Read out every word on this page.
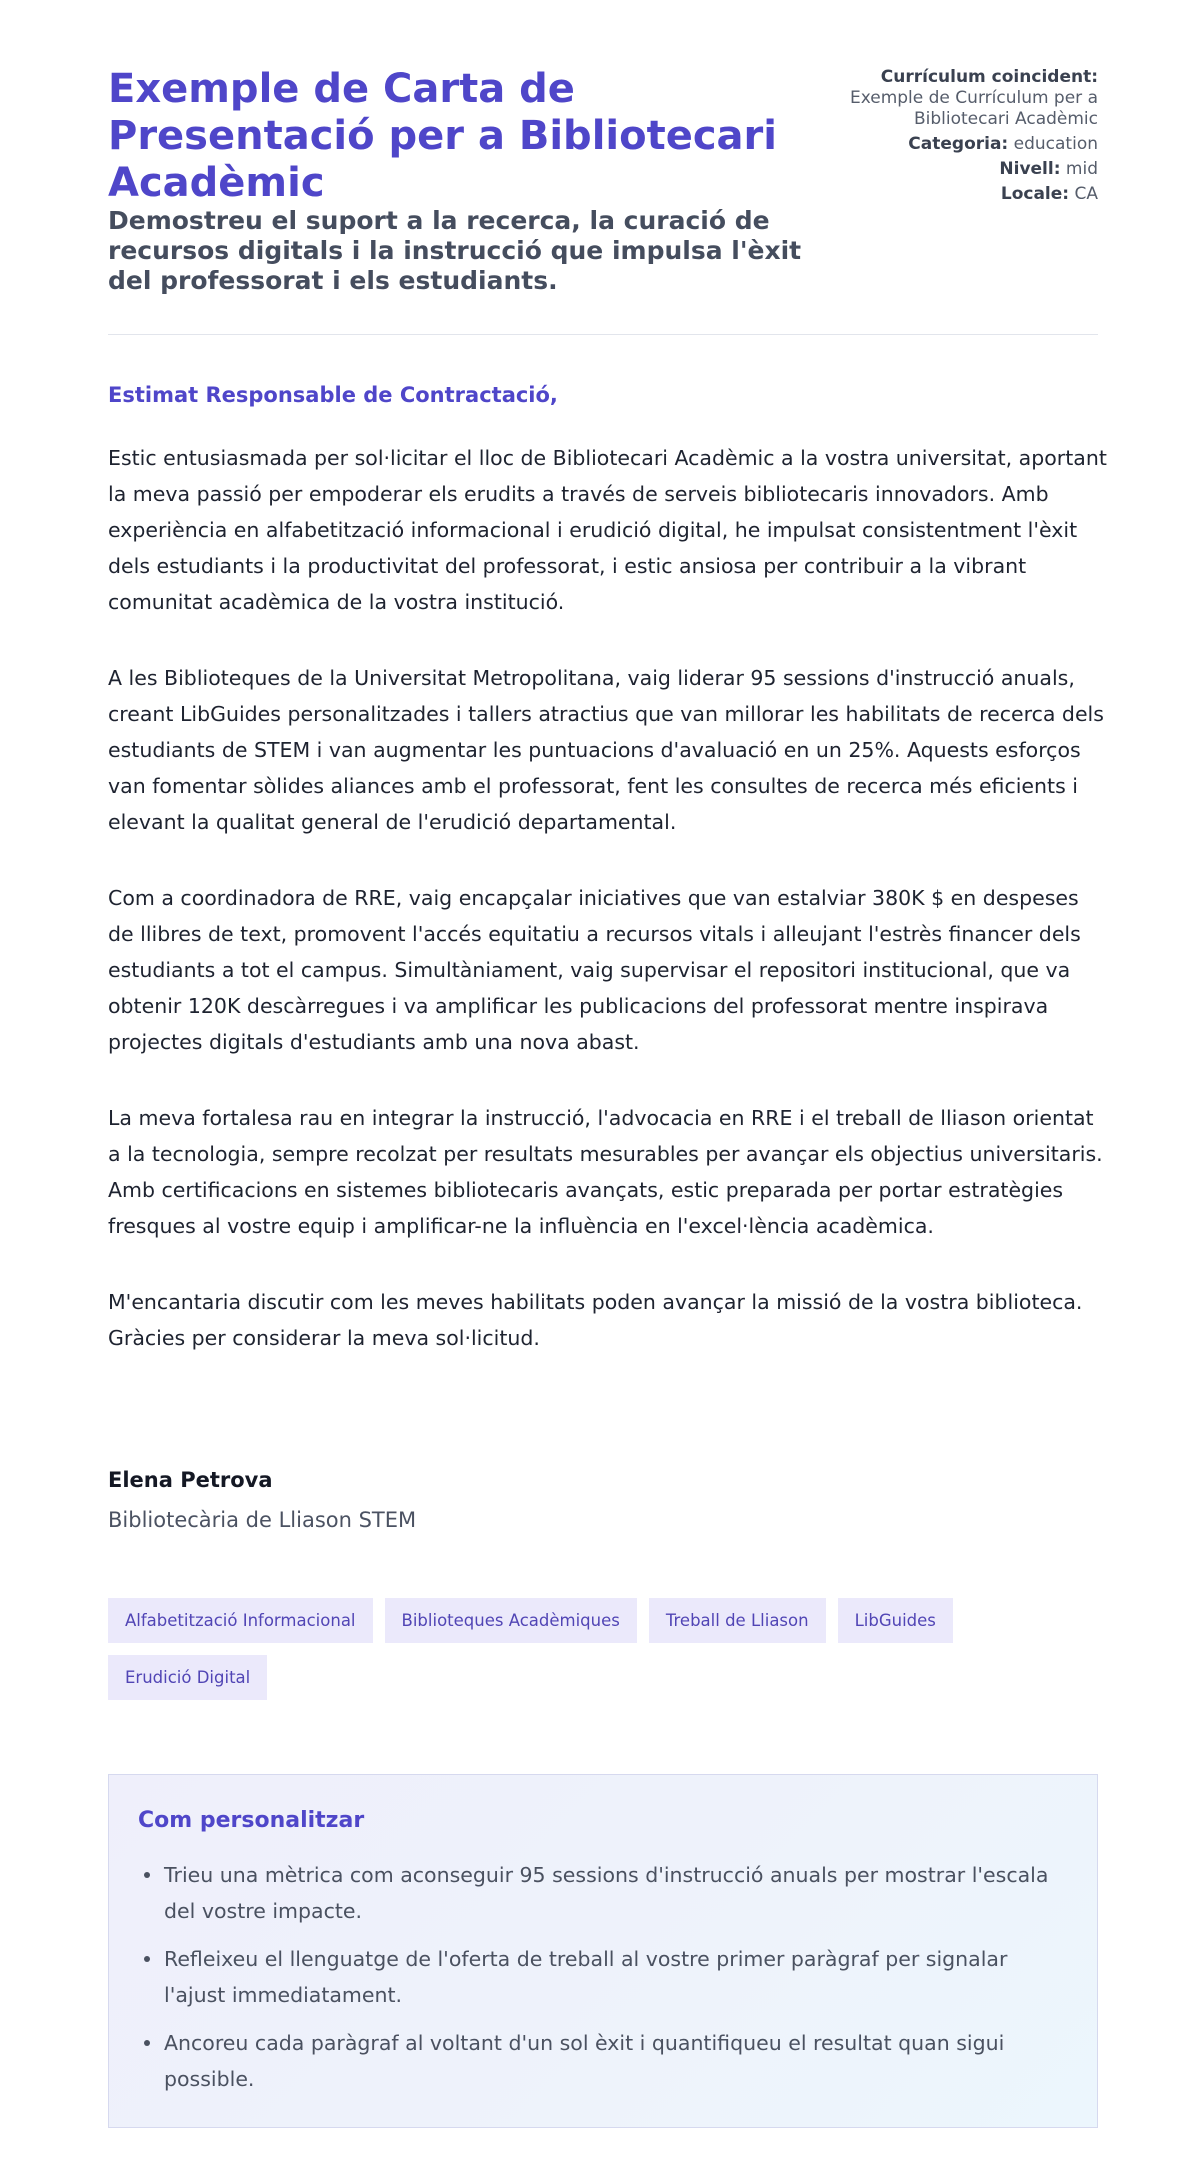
Exemple de Carta de Presentació per a Bibliotecari Acadèmic
Demostreu el suport a la recerca, la curació de recursos digitals i la instrucció que impulsa l'èxit del professorat i els estudiants.
Currículum coincident:
Exemple de Currículum per a Bibliotecari Acadèmic
Categoria: education
Nivell: mid
Locale: CA
Estimat Responsable de Contractació,

Estic entusiasmada per sol·licitar el lloc de Bibliotecari Acadèmic a la vostra universitat, aportant la meva passió per empoderar els erudits a través de serveis bibliotecaris innovadors. Amb experiència en alfabetització informacional i erudició digital, he impulsat consistentment l'èxit dels estudiants i la productivitat del professorat, i estic ansiosa per contribuir a la vibrant comunitat acadèmica de la vostra institució.

A les Biblioteques de la Universitat Metropolitana, vaig liderar 95 sessions d'instrucció anuals, creant LibGuides personalitzades i tallers atractius que van millorar les habilitats de recerca dels estudiants de STEM i van augmentar les puntuacions d'avaluació en un 25%. Aquests esforços van fomentar sòlides aliances amb el professorat, fent les consultes de recerca més eficients i elevant la qualitat general de l'erudició departamental.

Com a coordinadora de RRE, vaig encapçalar iniciatives que van estalviar 380K $ en despeses de llibres de text, promovent l'accés equitatiu a recursos vitals i alleujant l'estrès financer dels estudiants a tot el campus. Simultàniament, vaig supervisar el repositori institucional, que va obtenir 120K descàrregues i va amplificar les publicacions del professorat mentre inspirava projectes digitals d'estudiants amb una nova abast.

La meva fortalesa rau en integrar la instrucció, l'advocacia en RRE i el treball de lliason orientat a la tecnologia, sempre recolzat per resultats mesurables per avançar els objectius universitaris. Amb certificacions en sistemes bibliotecaris avançats, estic preparada per portar estratègies fresques al vostre equip i amplificar-ne la influència en l'excel·lència acadèmica.

M'encantaria discutir com les meves habilitats poden avançar la missió de la vostra biblioteca. Gràcies per considerar la meva sol·licitud.

Elena Petrova
Bibliotecària de Lliason STEM
Alfabetització Informacional	Biblioteques Acadèmiques	Treball de Lliason	LibGuides
Erudició Digital
Com personalitzar
Trieu una mètrica com aconseguir 95 sessions d'instrucció anuals per mostrar l'escala del vostre impacte.
Refleixeu el llenguatge de l'oferta de treball al vostre primer paràgraf per signalar l'ajust immediatament.
Ancoreu cada paràgraf al voltant d'un sol èxit i quantifiqueu el resultat quan sigui possible.
